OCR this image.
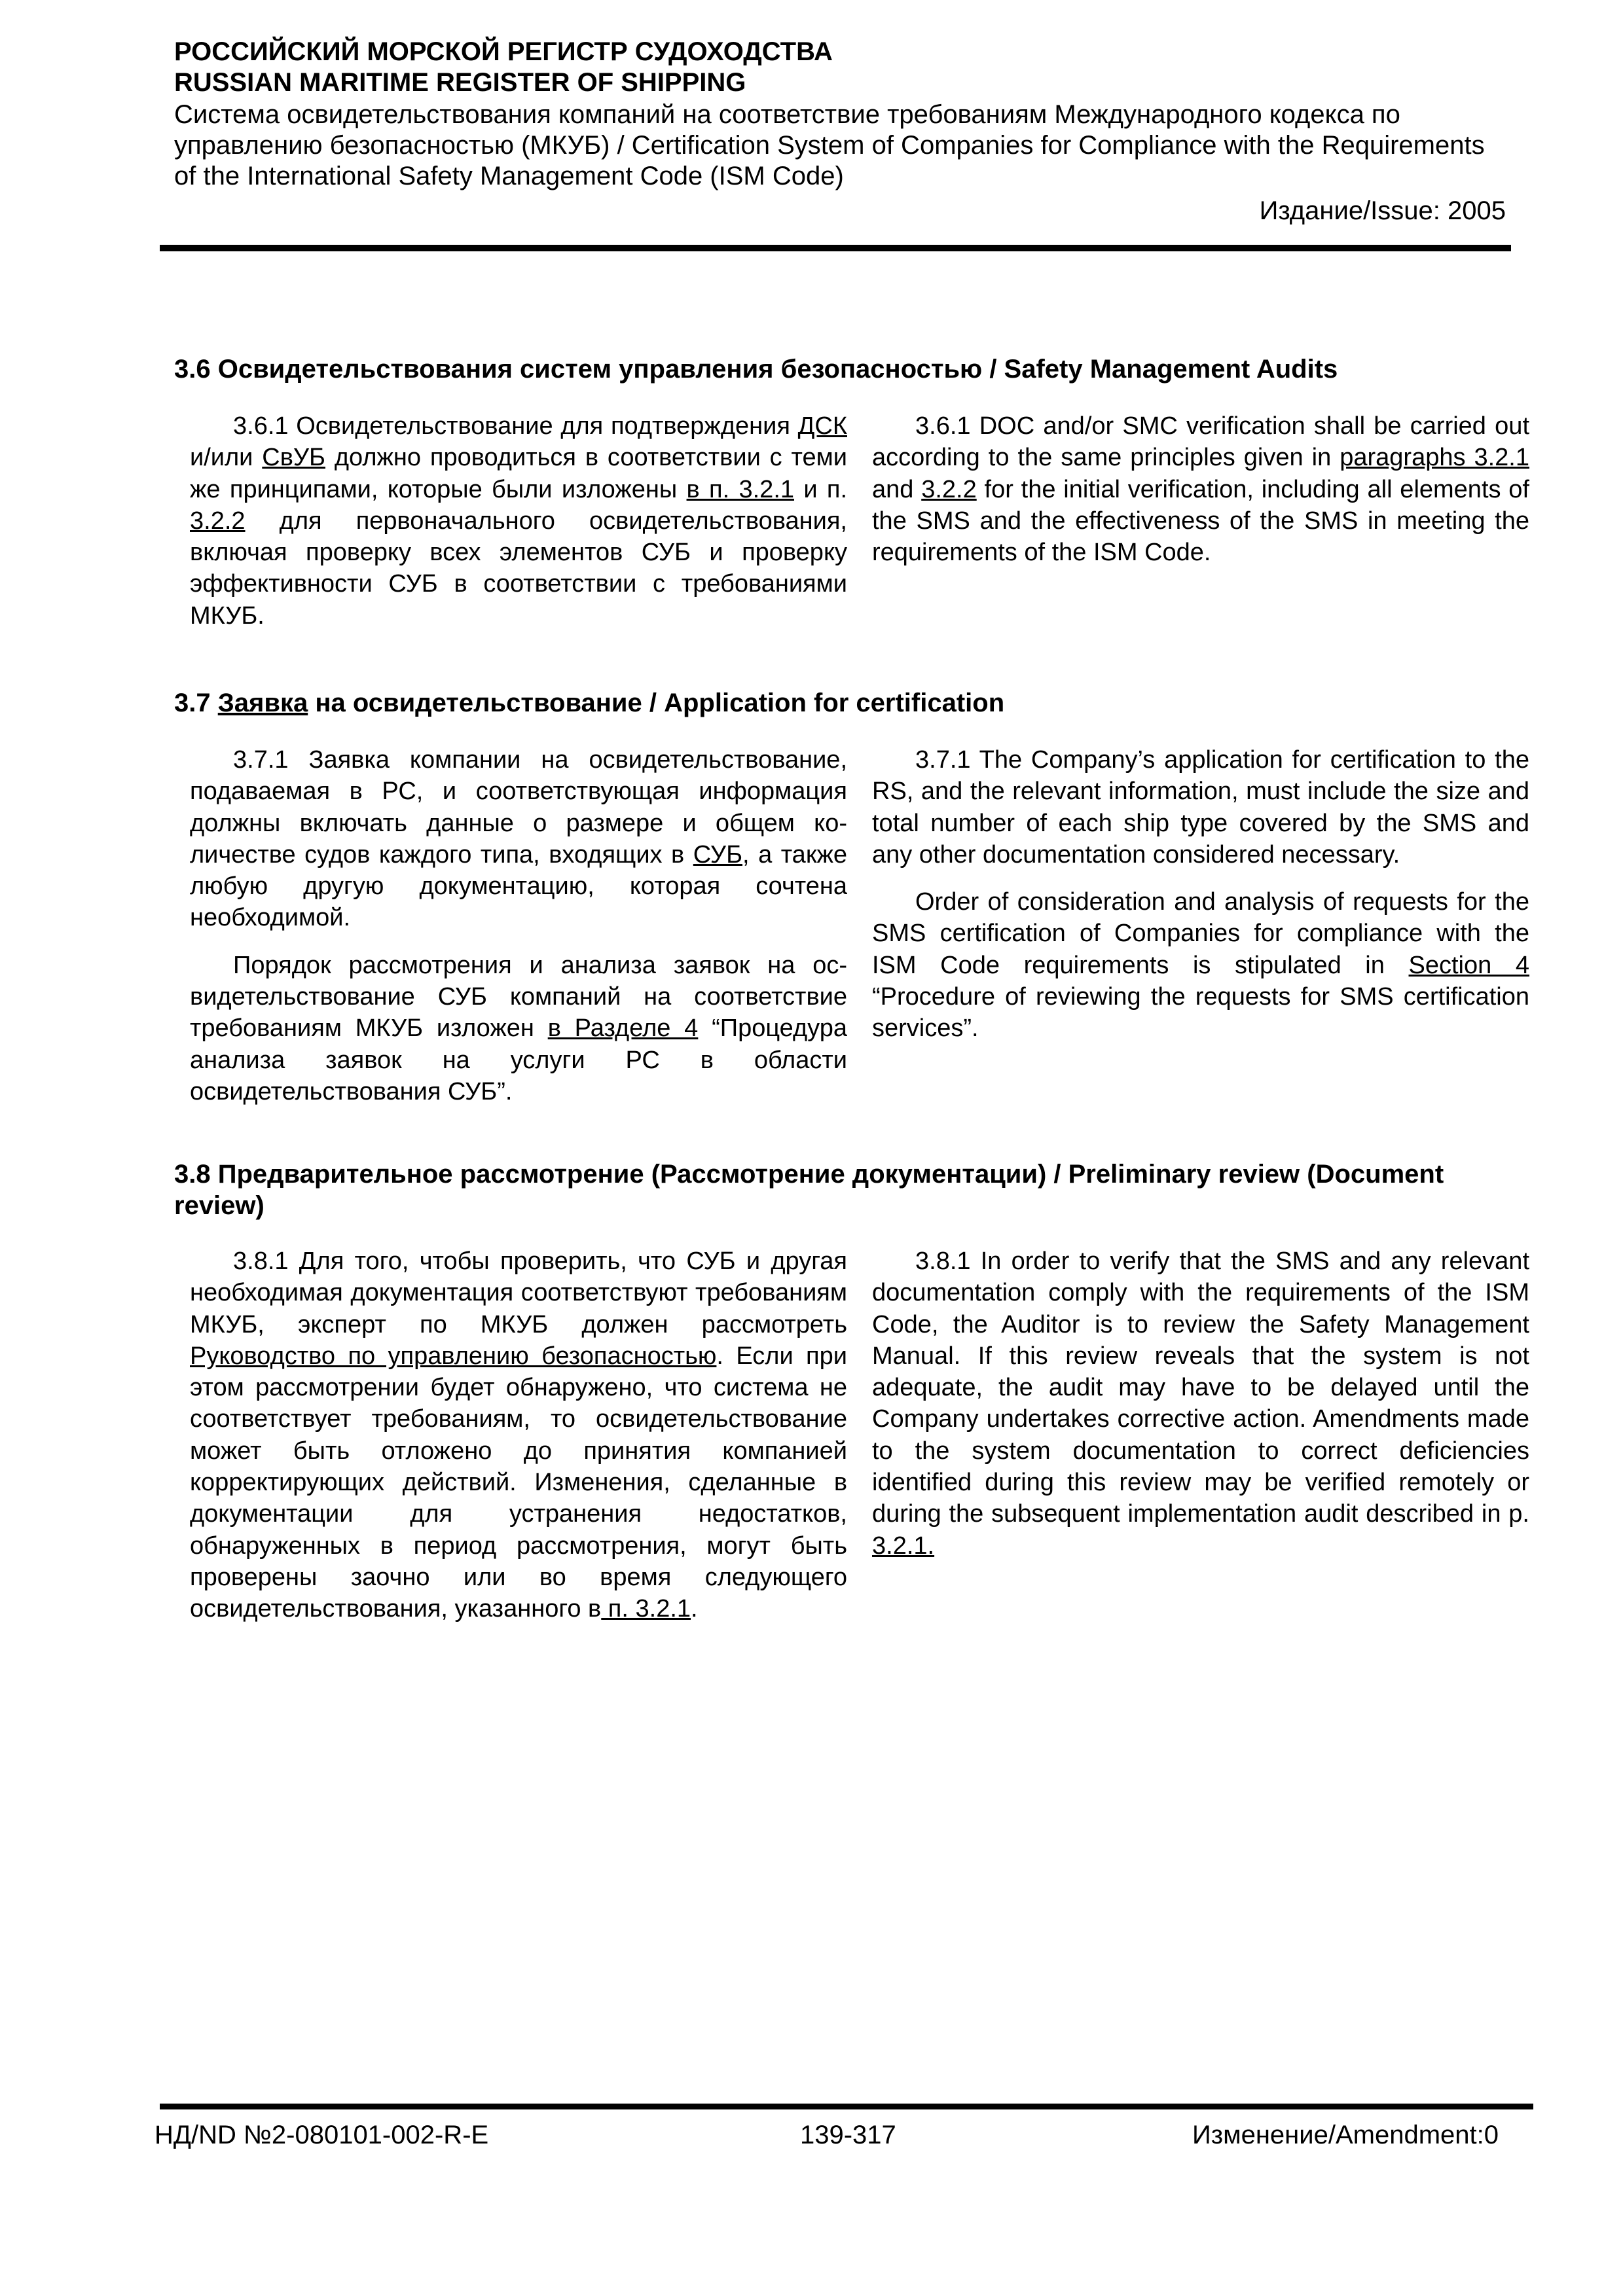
РОССИЙСКИЙ МОРСКОЙ РЕГИСТР СУДОХОДСТВА
RUSSIAN MARITIME REGISTER OF SHIPPING
Система освидетельствования компаний на соответствие требованиям Международного кодекса по управлению безопасностью (МКУБ) / Certification System of Companies for Compliance with the Requirements of the International Safety Management Code (ISM Code)
Издание/Issue: 2005
3.6 Освидетельствования систем управления безопасностью / Safety Management Audits

3.6.1 Освидетельствование для подтверждения ДСК и/или СвУБ должно проводиться в соответствии с теми же принципами, которые были изложены в п. 3.2.1 и п. 3.2.2 для первоначального освидетельствования, включая проверку всех элементов СУБ и проверку эффективности СУБ в соответствии с требованиями МКУБ.

3.6.1 DOC and/or SMC verification shall be carried out according to the same principles given in paragraphs 3.2.1 and 3.2.2 for the initial verification, including all elements of the SMS and the effectiveness of the SMS in meeting the requirements of the ISM Code.

3.7 Заявка на освидетельствование / Application for certification

3.7.1 Заявка компании на освидетельствование, подаваемая в РС, и соответствующая информация должны включать данные о размере и общем количестве судов каждого типа, входящих в СУБ, а также любую другую документацию, которая сочтена необходимой.

Порядок рассмотрения и анализа заявок на освидетельствование СУБ компаний на соответствие требованиям МКУБ изложен в Разделе 4 “Процедура анализа заявок на услуги РС в области освидетельствования СУБ”.

3.7.1 The Company’s application for certification to the RS, and the relevant information, must include the size and total number of each ship type covered by the SMS and any other documentation considered necessary.

Order of consideration and analysis of requests for the SMS certification of Companies for compliance with the ISM Code requirements is stipulated in Section 4 “Procedure of reviewing the requests for SMS certification services”.

3.8 Предварительное рассмотрение (Рассмотрение документации) / Preliminary review (Document review)

3.8.1 Для того, чтобы проверить, что СУБ и другая необходимая документация соответствуют требованиям МКУБ, эксперт по МКУБ должен рассмотреть Руководство по управлению безопасностью. Если при этом рассмотрении будет обнаружено, что система не соответствует требованиям, то освидетельствование может быть отложено до принятия компанией корректирующих действий. Изменения, сделанные в документации для устранения недостатков, обнаруженных в период рассмотрения, могут быть проверены заочно или во время следующего освидетельствования, указанного в п. 3.2.1.

3.8.1 In order to verify that the SMS and any relevant documentation comply with the requirements of the ISM Code, the Auditor is to review the Safety Management Manual. If this review reveals that the system is not adequate, the audit may have to be delayed until the Company undertakes corrective action. Amendments made to the system documentation to correct deficiencies identified during this review may be verified remotely or during the subsequent implementation audit described in p. 3.2.1.

НД/ND №2-080101-002-R-E	139-317	Изменение/Amendment:0
